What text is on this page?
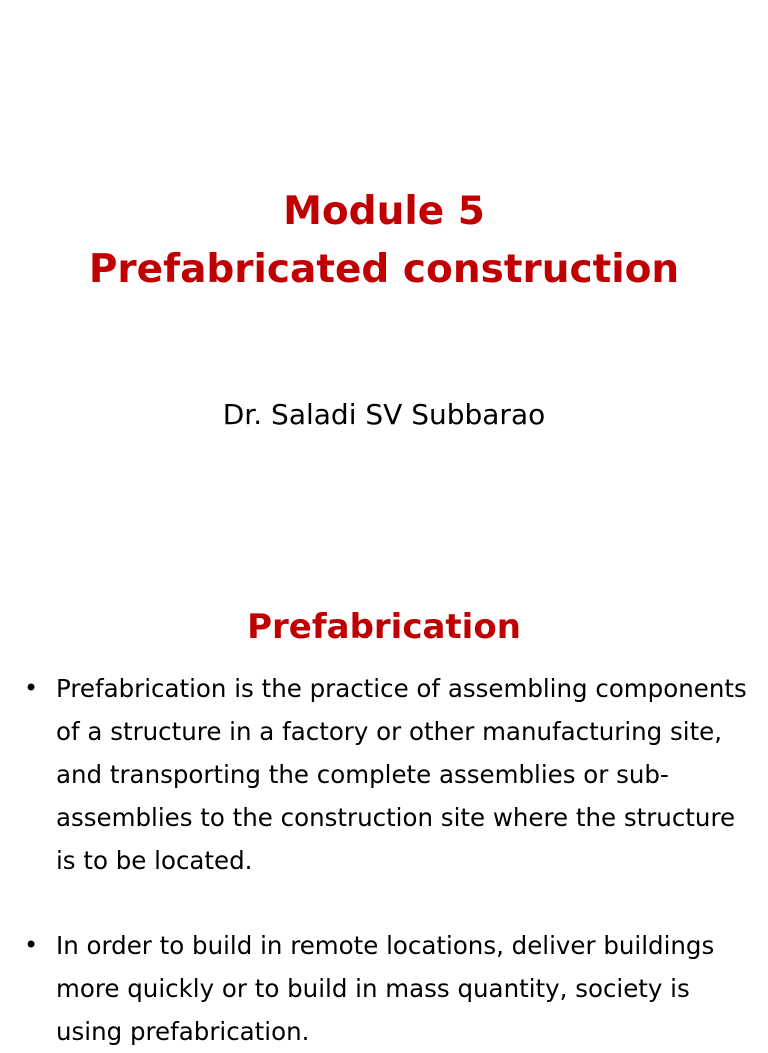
Module 5
Prefabricated construction
Dr. Saladi SV Subbarao
Prefabrication
• Prefabrication is the practice of assembling components
of a structure in a factory or other manufacturing site,
and transporting the complete assemblies or sub-
assemblies to the construction site where the structure
is to be located.
• In order to build in remote locations, deliver buildings
more quickly or to build in mass quantity, society is
using prefabrication.
